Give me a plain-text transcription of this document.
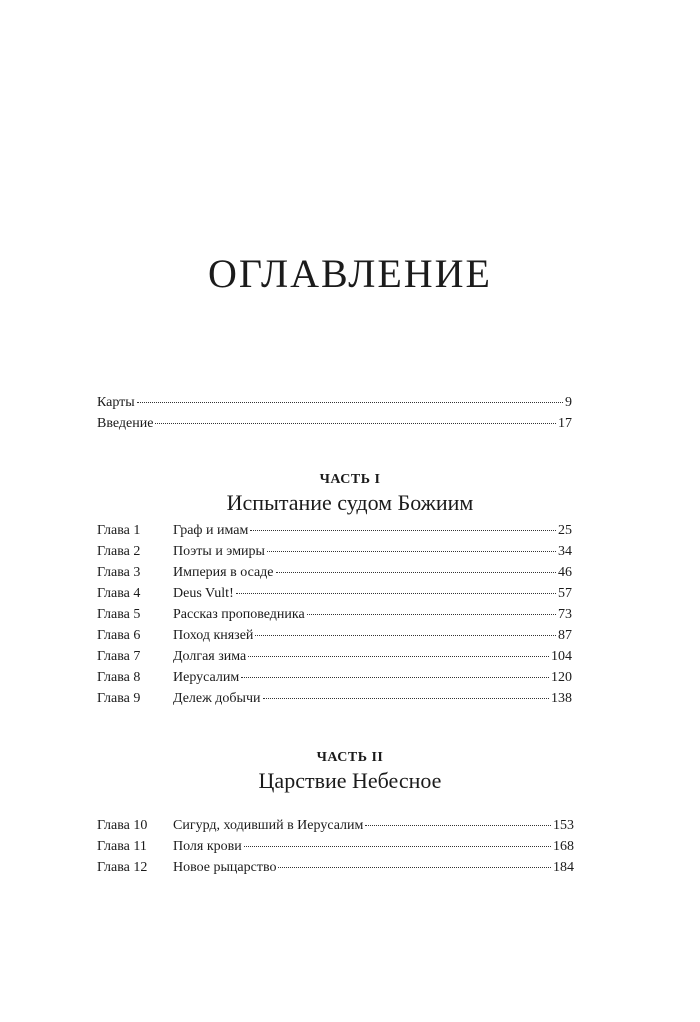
ОГЛАВЛЕНИЕ
Карты	9
Введение	17
ЧАСТЬ I
Испытание судом Божиим
Глава 1	Граф и имам	25
Глава 2	Поэты и эмиры	34
Глава 3	Империя в осаде	46
Глава 4	Deus Vult!	57
Глава 5	Рассказ проповедника	73
Глава 6	Поход князей	87
Глава 7	Долгая зима	104
Глава 8	Иерусалим	120
Глава 9	Дележ добычи	138
ЧАСТЬ II
Царствие Небесное
Глава 10	Сигурд, ходивший в Иерусалим	153
Глава 11	Поля крови	168
Глава 12	Новое рыцарство	184
